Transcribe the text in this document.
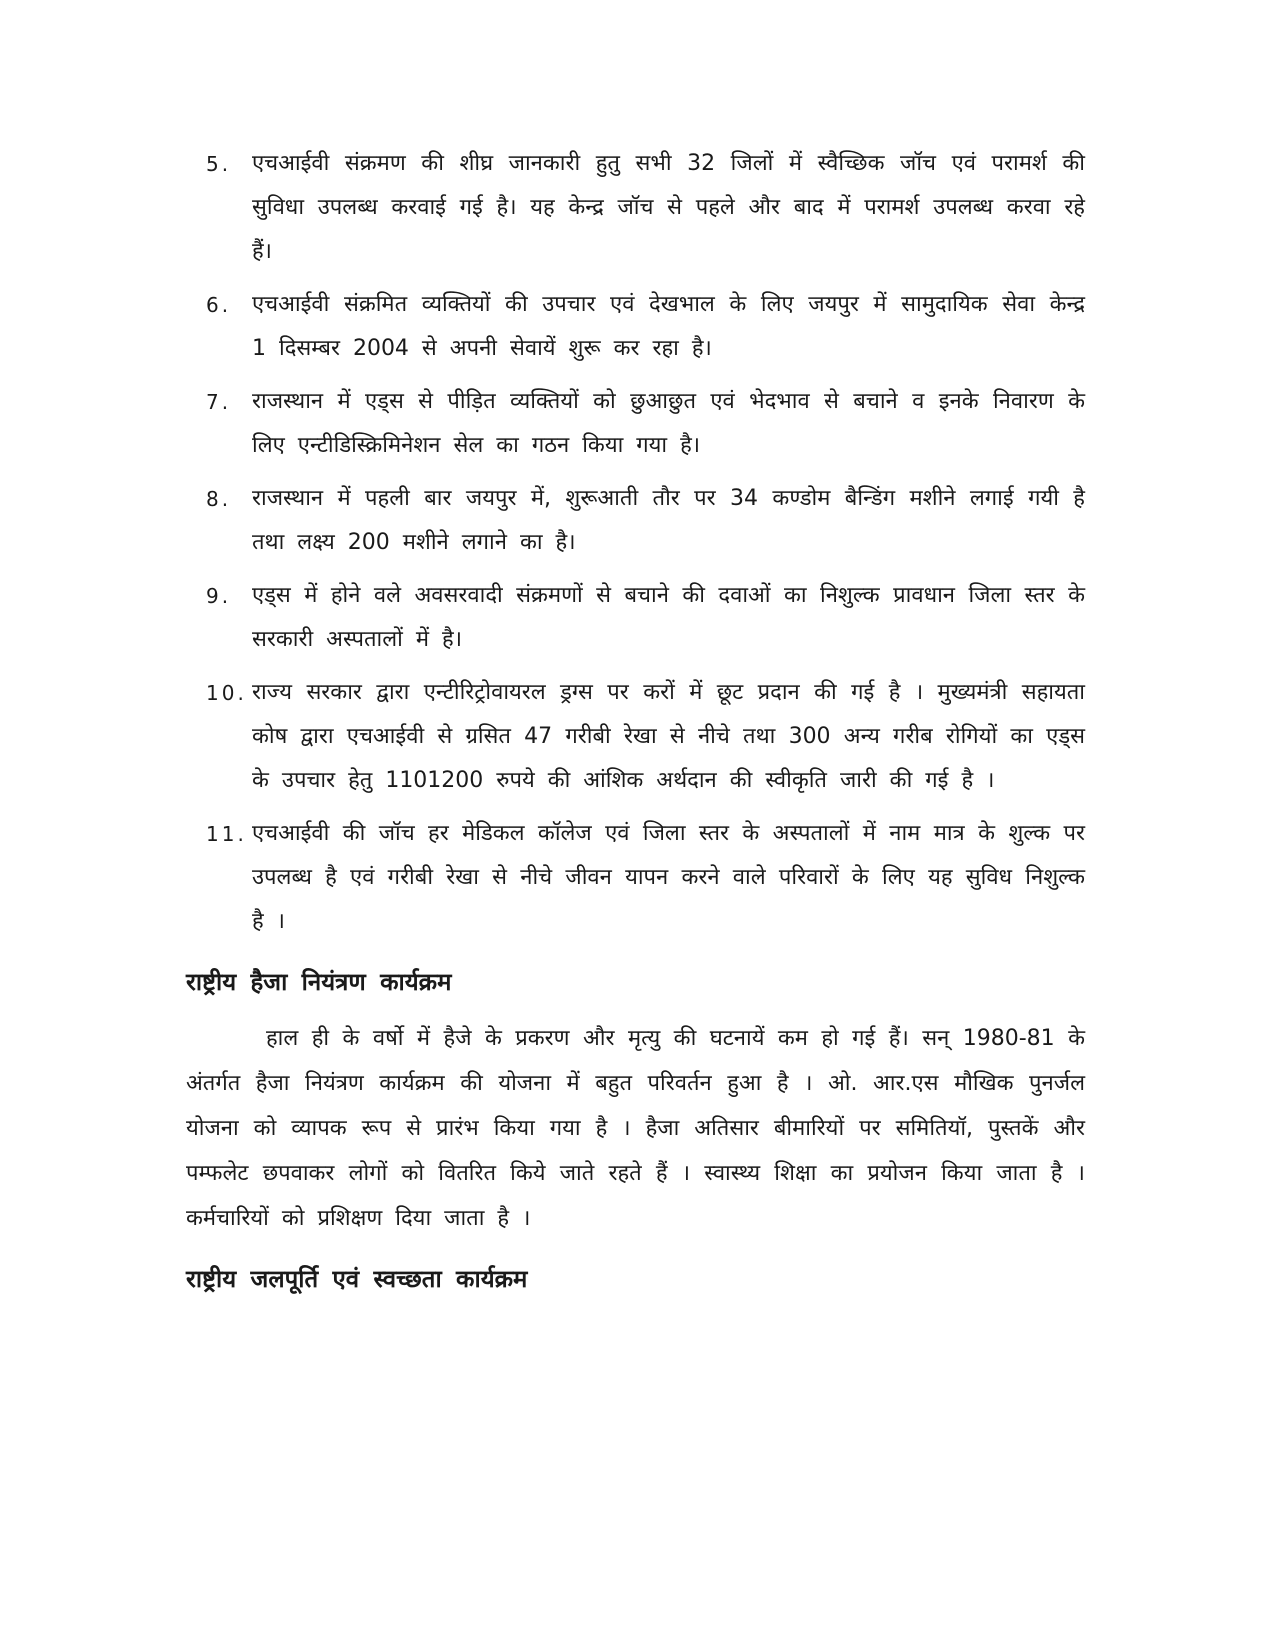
5. एचआईवी संक्रमण की शीघ्र जानकारी हुतु सभी 32 जिलों में स्वैच्छिक जॉच एवं परामर्श की सुविधा उपलब्ध करवाई गई है। यह केन्द्र जॉच से पहले और बाद में परामर्श उपलब्ध करवा रहे हैं।
6. एचआईवी संक्रमित व्यक्तियों की उपचार एवं देखभाल के लिए जयपुर में सामुदायिक सेवा केन्द्र 1 दिसम्बर 2004 से अपनी सेवायें शुरू कर रहा है।
7. राजस्थान में एड्स से पीड़ित व्यक्तियों को छुआछुत एवं भेदभाव से बचाने व इनके निवारण के लिए एन्टीडिस्क्रिमिनेशन सेल का गठन किया गया है।
8. राजस्थान में पहली बार जयपुर में, शुरूआती तौर पर 34 कण्डोम बैन्डिंग मशीने लगाई गयी है तथा लक्ष्य 200 मशीने लगाने का है।
9. एड्स में होने वले अवसरवादी संक्रमणों से बचाने की दवाओं का निशुल्क प्रावधान जिला स्तर के सरकारी अस्पतालों में है।
10. राज्य सरकार द्वारा एन्टीरिट्रोवायरल ड्रग्स पर करों में छूट प्रदान की गई है । मुख्यमंत्री सहायता कोष द्वारा एचआईवी से ग्रसित 47 गरीबी रेखा से नीचे तथा 300 अन्य गरीब रोगियों का एड्स के उपचार हेतु 1101200 रुपये की आंशिक अर्थदान की स्वीकृति जारी की गई है ।
11. एचआईवी की जॉच हर मेडिकल कॉलेज एवं जिला स्तर के अस्पतालों में नाम मात्र के शुल्क पर उपलब्ध है एवं गरीबी रेखा से नीचे जीवन यापन करने वाले परिवारों के लिए यह सुविध निशुल्क है ।
राष्ट्रीय हैजा नियंत्रण कार्यक्रम

हाल ही के वर्षो में हैजे के प्रकरण और मृत्यु की घटनायें कम हो गई हैं। सन् 1980-81 के अंतर्गत हैजा नियंत्रण कार्यक्रम की योजना में बहुत परिवर्तन हुआ है । ओ. आर.एस मौखिक पुनर्जल योजना को व्यापक रूप से प्रारंभ किया गया है । हैजा अतिसार बीमारियों पर समितियॉ, पुस्तकें और पम्फलेट छपवाकर लोगों को वितरित किये जाते रहते हैं । स्वास्थ्य शिक्षा का प्रयोजन किया जाता है । कर्मचारियों को प्रशिक्षण दिया जाता है ।

राष्ट्रीय जलपूर्ति एवं स्वच्छता कार्यक्रम
